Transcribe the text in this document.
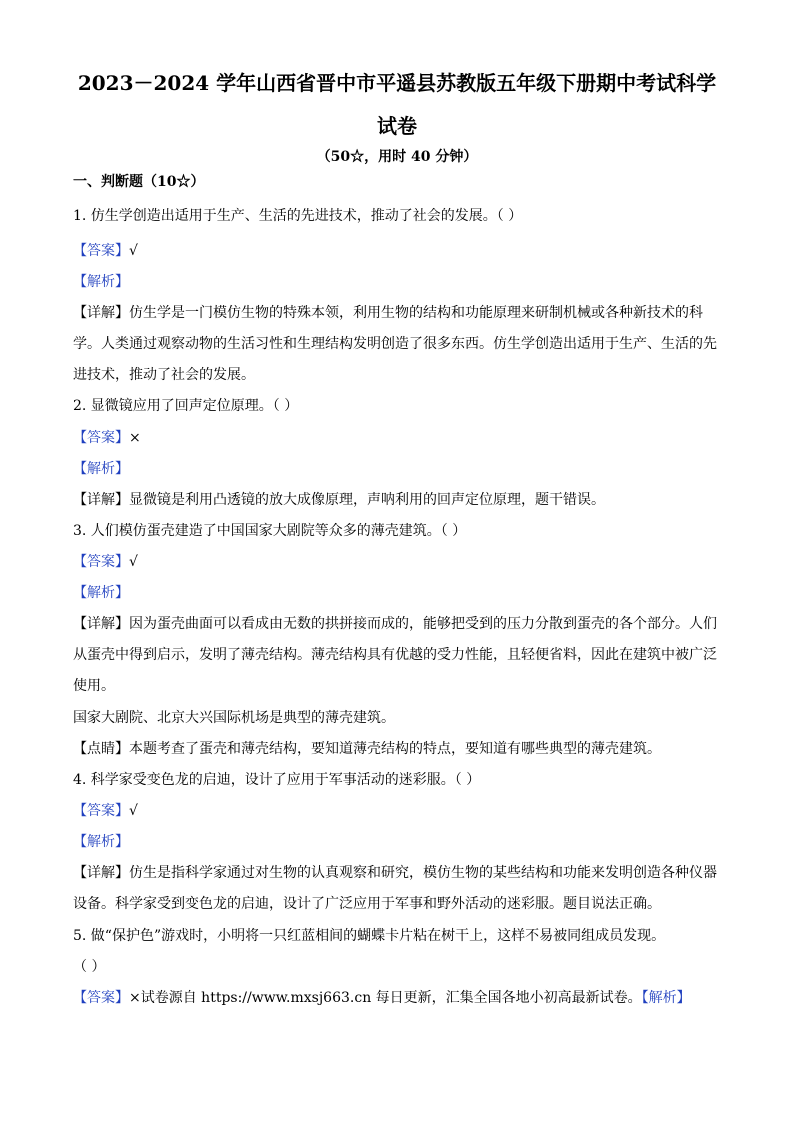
2023－2024 学年山西省晋中市平遥县苏教版五年级下册期中考试科学
试卷
（50☆，用时 40 分钟）
一、判断题（10☆）
1. 仿生学创造出适用于生产、生活的先进技术，推动了社会的发展。（ ）
【答案】√
【解析】
【详解】仿生学是一门模仿生物的特殊本领，利用生物的结构和功能原理来研制机械或各种新技术的科学。人类通过观察动物的生活习性和生理结构发明创造了很多东西。仿生学创造出适用于生产、生活的先进技术，推动了社会的发展。
2. 显微镜应用了回声定位原理。（ ）
【答案】×
【解析】
【详解】显微镜是利用凸透镜的放大成像原理，声呐利用的回声定位原理，题干错误。
3. 人们模仿蛋壳建造了中国国家大剧院等众多的薄壳建筑。（ ）
【答案】√
【解析】
【详解】因为蛋壳曲面可以看成由无数的拱拼接而成的，能够把受到的压力分散到蛋壳的各个部分。人们从蛋壳中得到启示，发明了薄壳结构。薄壳结构具有优越的受力性能，且轻便省料，因此在建筑中被广泛使用。
国家大剧院、北京大兴国际机场是典型的薄壳建筑。
【点睛】本题考查了蛋壳和薄壳结构，要知道薄壳结构的特点，要知道有哪些典型的薄壳建筑。
4. 科学家受变色龙的启迪，设计了应用于军事活动的迷彩服。（ ）
【答案】√
【解析】
【详解】仿生是指科学家通过对生物的认真观察和研究，模仿生物的某些结构和功能来发明创造各种仪器设备。科学家受到变色龙的启迪，设计了广泛应用于军事和野外活动的迷彩服。题目说法正确。
5. 做“保护色”游戏时，小明将一只红蓝相间的蝴蝶卡片粘在树干上，这样不易被同组成员发现。
（ ）
【答案】×试卷源自 https://www.mxsj663.cn 每日更新，汇集全国各地小初高最新试卷。【解析】
